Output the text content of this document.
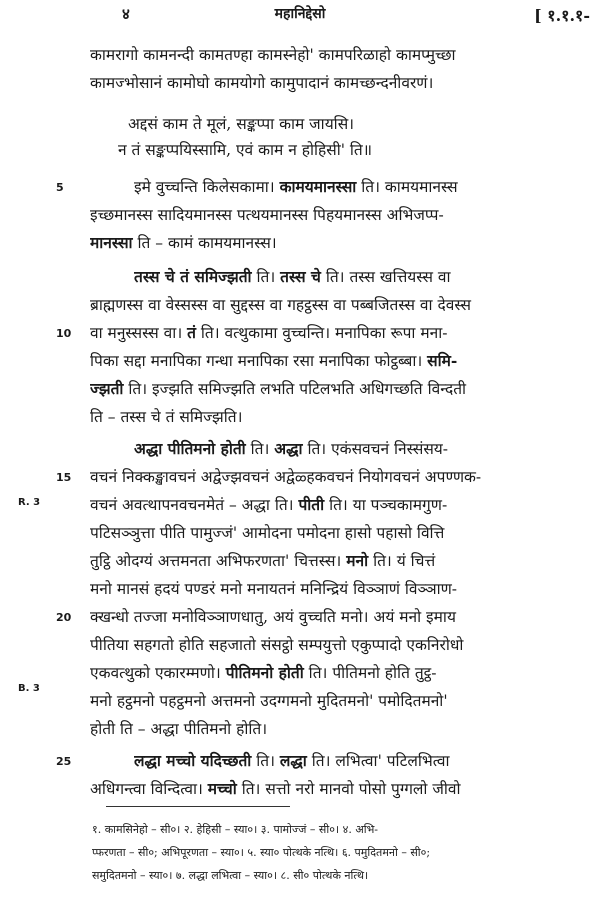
महानिद्देसो
४	[ १.१.१-
कामरागो कामनन्दी कामतण्हा कामस्नेहो' कामपरिळाहो कामप्मुच्छा
कामज्भोसानं कामोघो कामयोगो कामुपादानं कामच्छन्दनीवरणं।
अद्दसं काम ते मूलं, सङ्कप्पा काम जायसि।
न तं सङ्कप्पयिस्सामि, एवं काम न होहिसी' ति॥
इमे वुच्चन्ति किलेसकामा। कामयमानस्सा ति। कामयमानस्स
इच्छमानस्स सादियमानस्स पत्थयमानस्स पिहयमानस्स अभिजप्प-
मानस्सा ति – कामं कामयमानस्स।
तस्स चे तं समिज्झती ति। तस्स चे ति। तस्स खत्तियस्स वा
ब्राह्मणस्स वा वेस्सस्स वा सुद्दस्स वा गहट्ठस्स वा पब्बजितस्स वा देवस्स
वा मनुस्सस्स वा। तं ति। वत्थुकामा वुच्चन्ति। मनापिका रूपा मना-
पिका सद्दा मनापिका गन्धा मनापिका रसा मनापिका फोट्ठब्बा। समि-
ज्झती ति। इज्झति समिज्झति लभति पटिलभति अधिगच्छति विन्दती
ति – तस्स चे तं समिज्झति।
अद्धा पीतिमनो होती ति। अद्धा ति। एकंसवचनं निस्संसय-
वचनं निक्कङ्खावचनं अद्वेज्झवचनं अद्वेळ्हकवचनं नियोगवचनं अपण्णक-
वचनं अवत्थापनवचनमेतं – अद्धा ति। पीती ति। या पञ्चकामगुण-
पटिसञ्ञुत्ता पीति पामुज्जं' आमोदना पमोदना हासो पहासो वित्ति
तुट्ठि ओदग्यं अत्तमनता अभिफरणता' चित्तस्स। मनो ति। यं चित्तं
मनो मानसं हदयं पण्डरं मनो मनायतनं मनिन्द्रियं विञ्ञाणं विञ्ञाण-
क्खन्धो तज्जा मनोविञ्ञाणधातु, अयं वुच्चति मनो। अयं मनो इमाय
पीतिया सहगतो होति सहजातो संसट्ठो सम्पयुत्तो एकुप्पादो एकनिरोधो
एकवत्थुको एकारम्मणो। पीतिमनो होती ति। पीतिमनो होति तुट्ठ-
मनो हट्ठमनो पहट्ठमनो अत्तमनो उदग्गमनो मुदितमनो' पमोदितमनो'
होती ति – अद्धा पीतिमनो होति।
लद्धा मच्चो यदिच्छती ति। लद्धा ति। लभित्वा' पटिलभित्वा
अधिगन्त्वा विन्दित्वा। मच्चो ति। सत्तो नरो मानवो पोसो पुग्गलो जीवो
5
10
15
20
25
R. 3
B. 3
१. कामसिनेहो – सी०। २. हेहिसी – स्या०। ३. पामोज्जं – सी०। ४. अभि-
प्फरणता – सी०; अभिपूरणता – स्या०। ५. स्या० पोत्थके नत्थि। ६. पमुदितमनो – सी०;
समुदितमनो – स्या०। ७. लद्धा लभित्वा – स्या०। ८. सी० पोत्थके नत्थि।
